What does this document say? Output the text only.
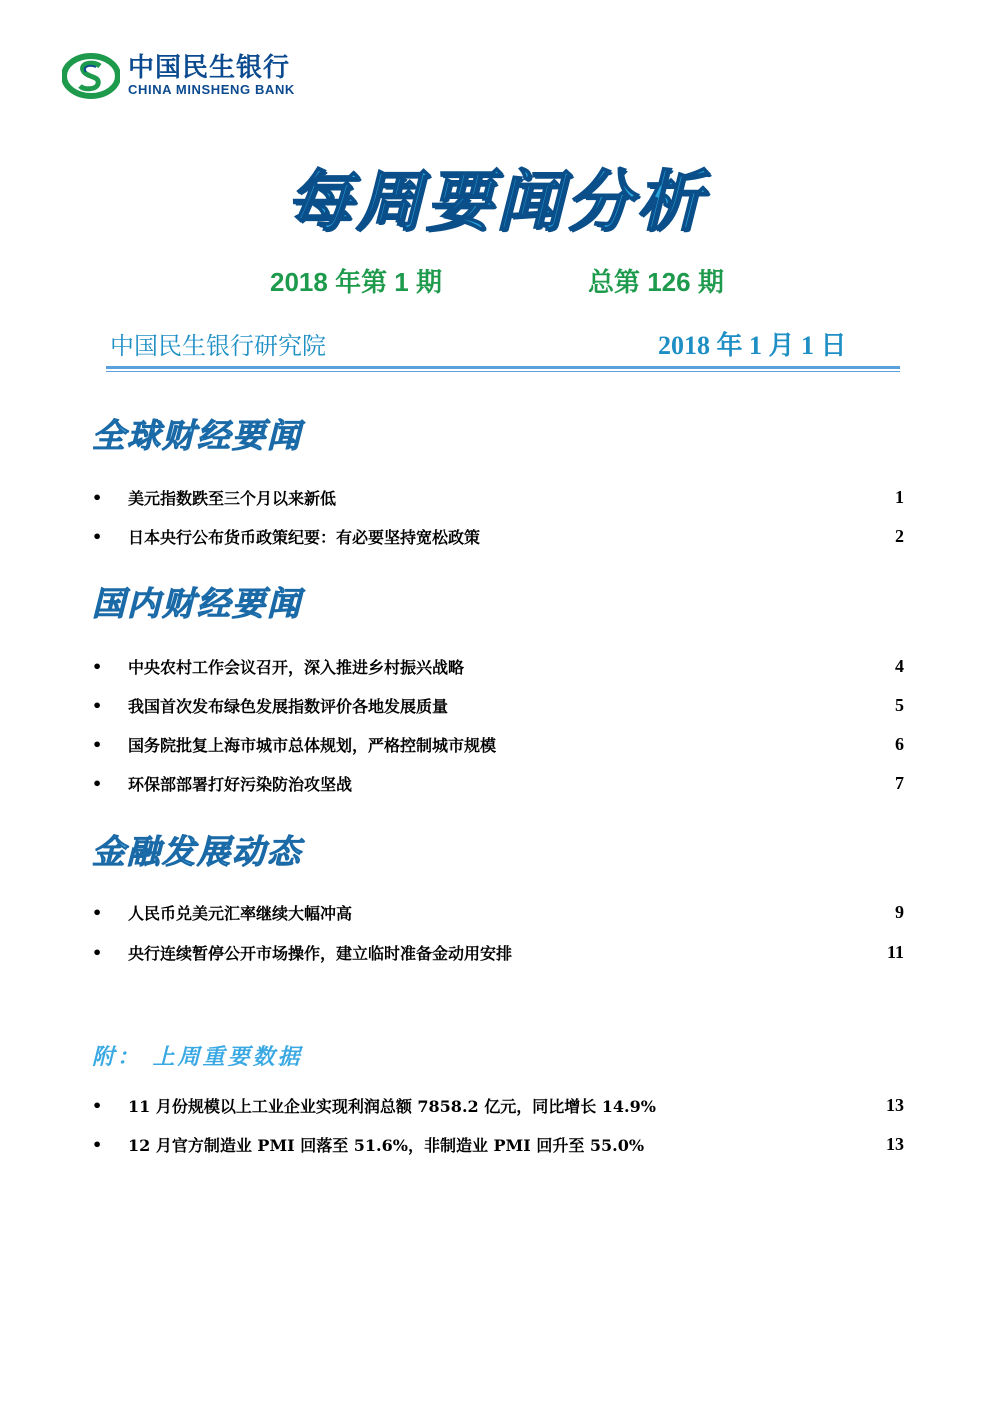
中国民生银行
CHINA MINSHENG BANK
每周要闻分析
2018 年第 1 期	总第 126 期
中国民生银行研究院	2018 年 1 月 1 日
全球财经要闻
•	美元指数跌至三个月以来新低	1
•	日本央行公布货币政策纪要：有必要坚持宽松政策	2
国内财经要闻
•	中央农村工作会议召开，深入推进乡村振兴战略	4
•	我国首次发布绿色发展指数评价各地发展质量	5
•	国务院批复上海市城市总体规划，严格控制城市规模	6
•	环保部部署打好污染防治攻坚战	7
金融发展动态
•	人民币兑美元汇率继续大幅冲高	9
•	央行连续暂停公开市场操作，建立临时准备金动用安排	11
附： 上周重要数据
•	11 月份规模以上工业企业实现利润总额 7858.2 亿元，同比增长 14.9%	13
•	12 月官方制造业 PMI 回落至 51.6%，非制造业 PMI 回升至 55.0%	13
